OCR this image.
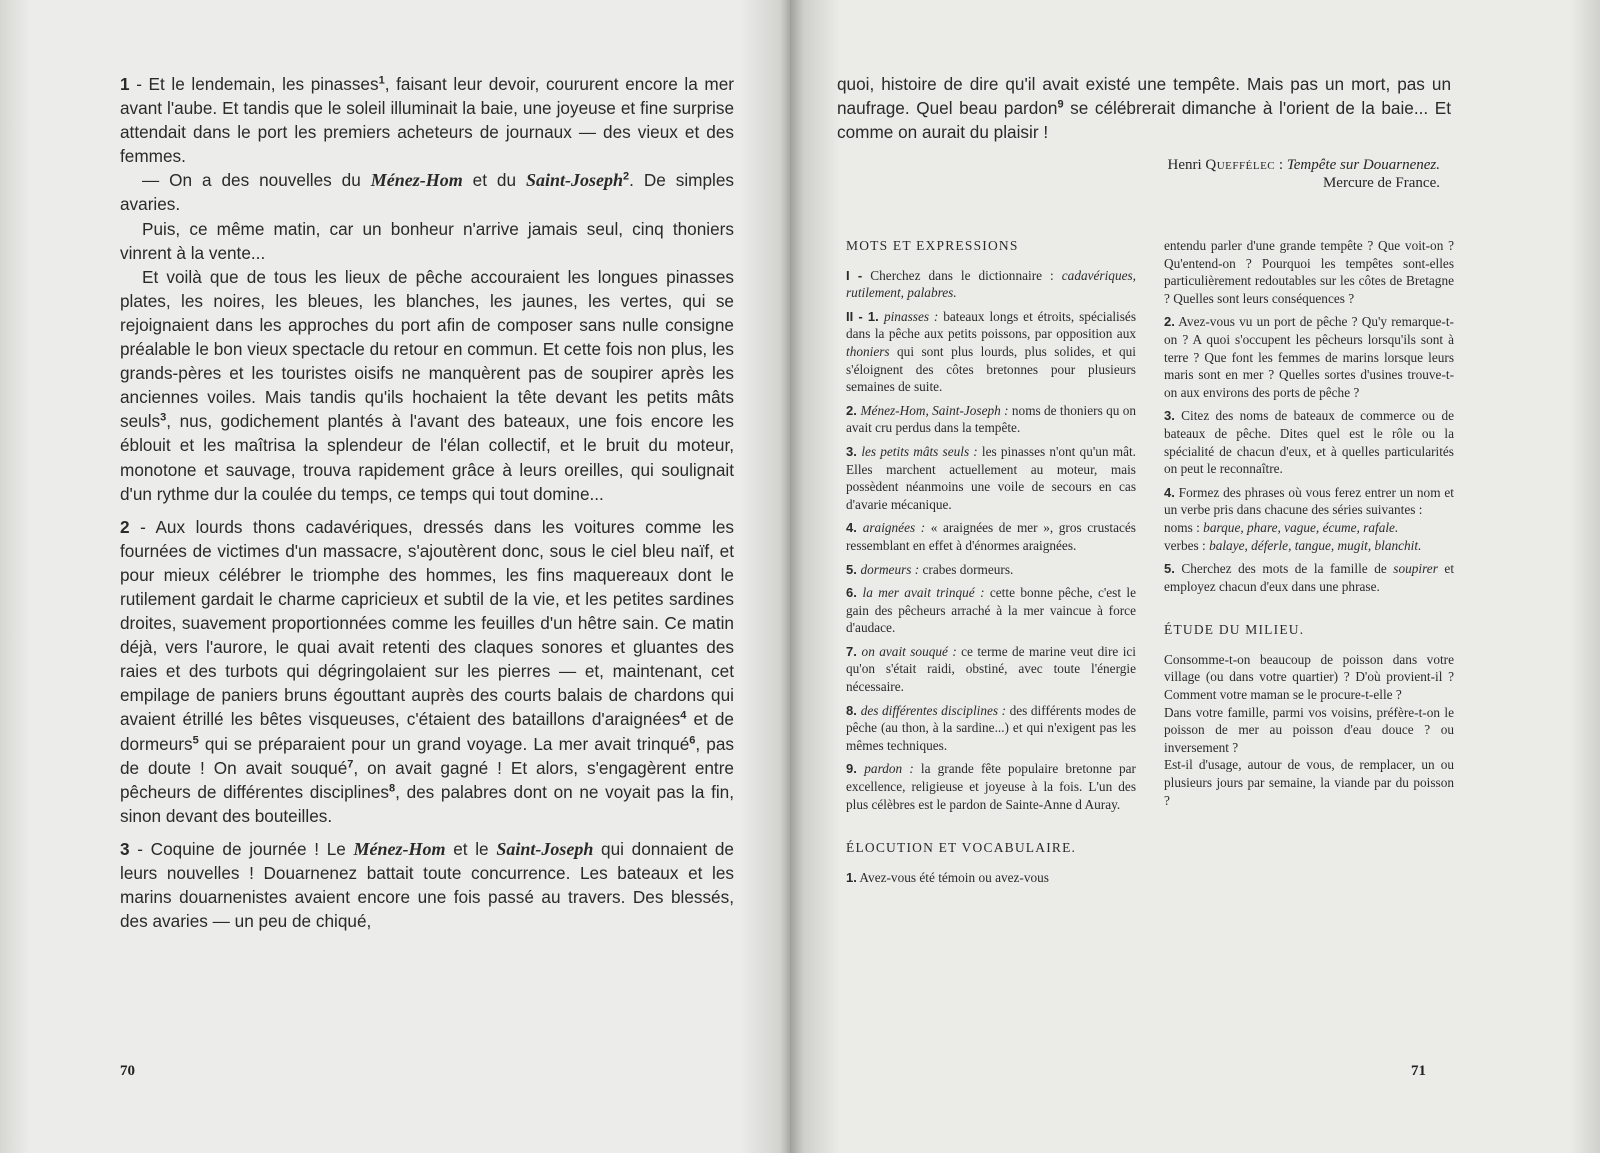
1 - Et le lendemain, les pinasses$^1$, faisant leur devoir, coururent encore la mer avant l'aube. Et tandis que le soleil illuminait la baie, une joyeuse et fine surprise attendait dans le port les premiers acheteurs de journaux — des vieux et des femmes.

— On a des nouvelles du Ménez-Hom et du Saint-Joseph$^2$. De simples avaries.

Puis, ce même matin, car un bonheur n'arrive jamais seul, cinq thoniers vinrent à la vente...

Et voilà que de tous les lieux de pêche accouraient les longues pinasses plates, les noires, les bleues, les blanches, les jaunes, les vertes, qui se rejoignaient dans les approches du port afin de composer sans nulle consigne préalable le bon vieux spectacle du retour en commun. Et cette fois non plus, les grands-pères et les touristes oisifs ne manquèrent pas de soupirer après les anciennes voiles. Mais tandis qu'ils hochaient la tête devant les petits mâts seuls$^3$, nus, godichement plantés à l'avant des bateaux, une fois encore les éblouit et les maîtrisa la splendeur de l'élan collectif, et le bruit du moteur, monotone et sauvage, trouva rapidement grâce à leurs oreilles, qui soulignait d'un rythme dur la coulée du temps, ce temps qui tout domine...

2 - Aux lourds thons cadavériques, dressés dans les voitures comme les fournées de victimes d'un massacre, s'ajoutèrent donc, sous le ciel bleu naïf, et pour mieux célébrer le triomphe des hommes, les fins maquereaux dont le rutilement gardait le charme capricieux et subtil de la vie, et les petites sardines droites, suavement proportionnées comme les feuilles d'un hêtre sain. Ce matin déjà, vers l'aurore, le quai avait retenti des claques sonores et gluantes des raies et des turbots qui dégringolaient sur les pierres — et, maintenant, cet empilage de paniers bruns égouttant auprès des courts balais de chardons qui avaient étrillé les bêtes visqueuses, c'étaient des bataillons d'araignées$^4$ et de dormeurs$^5$ qui se préparaient pour un grand voyage. La mer avait trinqué$^6$, pas de doute ! On avait souqué$^7$, on avait gagné ! Et alors, s'engagèrent entre pêcheurs de différentes disciplines$^8$, des palabres dont on ne voyait pas la fin, sinon devant des bouteilles.

3 - Coquine de journée ! Le Ménez-Hom et le Saint-Joseph qui donnaient de leurs nouvelles ! Douarnenez battait toute concurrence. Les bateaux et les marins douarnenistes avaient encore une fois passé au travers. Des blessés, des avaries — un peu de chiqué,

70

quoi, histoire de dire qu'il avait existé une tempête. Mais pas un mort, pas un naufrage. Quel beau pardon$^9$ se célébrerait dimanche à l'orient de la baie... Et comme on aurait du plaisir !

Henri Queffélec : Tempête sur Douarnenez.
Mercure de France.

MOTS ET EXPRESSIONS

I - Cherchez dans le dictionnaire : cadavériques, rutilement, palabres.

II - 1. pinasses : bateaux longs et étroits, spécialisés dans la pêche aux petits poissons, par opposition aux thoniers qui sont plus lourds, plus solides, et qui s'éloignent des côtes bretonnes pour plusieurs semaines de suite.

2. Ménez-Hom, Saint-Joseph : noms de thoniers qu on avait cru perdus dans la tempête.

3. les petits mâts seuls : les pinasses n'ont qu'un mât. Elles marchent actuellement au moteur, mais possèdent néanmoins une voile de secours en cas d'avarie mécanique.

4. araignées : « araignées de mer », gros crustacés ressemblant en effet à d'énormes araignées.

5. dormeurs : crabes dormeurs.

6. la mer avait trinqué : cette bonne pêche, c'est le gain des pêcheurs arraché à la mer vaincue à force d'audace.

7. on avait souqué : ce terme de marine veut dire ici qu'on s'était raidi, obstiné, avec toute l'énergie nécessaire.

8. des différentes disciplines : des différents modes de pêche (au thon, à la sardine...) et qui n'exigent pas les mêmes techniques.

9. pardon : la grande fête populaire bretonne par excellence, religieuse et joyeuse à la fois. L'un des plus célèbres est le pardon de Sainte-Anne d Auray.

ÉLOCUTION ET VOCABULAIRE.

1. Avez-vous été témoin ou avez-vous

entendu parler d'une grande tempête ? Que voit-on ? Qu'entend-on ? Pourquoi les tempêtes sont-elles particulièrement redoutables sur les côtes de Bretagne ? Quelles sont leurs conséquences ?

2. Avez-vous vu un port de pêche ? Qu'y remarque-t-on ? A quoi s'occupent les pêcheurs lorsqu'ils sont à terre ? Que font les femmes de marins lorsque leurs maris sont en mer ? Quelles sortes d'usines trouve-t-on aux environs des ports de pêche ?

3. Citez des noms de bateaux de commerce ou de bateaux de pêche. Dites quel est le rôle ou la spécialité de chacun d'eux, et à quelles particularités on peut le reconnaître.

4. Formez des phrases où vous ferez entrer un nom et un verbe pris dans chacune des séries suivantes :

noms : barque, phare, vague, écume, rafale.

verbes : balaye, déferle, tangue, mugit, blanchit.

5. Cherchez des mots de la famille de soupirer et employez chacun d'eux dans une phrase.

ÉTUDE DU MILIEU.

Consomme-t-on beaucoup de poisson dans votre village (ou dans votre quartier) ? D'où provient-il ? Comment votre maman se le procure-t-elle ?

Dans votre famille, parmi vos voisins, préfère-t-on le poisson de mer au poisson d'eau douce ? ou inversement ?

Est-il d'usage, autour de vous, de remplacer, un ou plusieurs jours par semaine, la viande par du poisson ?

71
